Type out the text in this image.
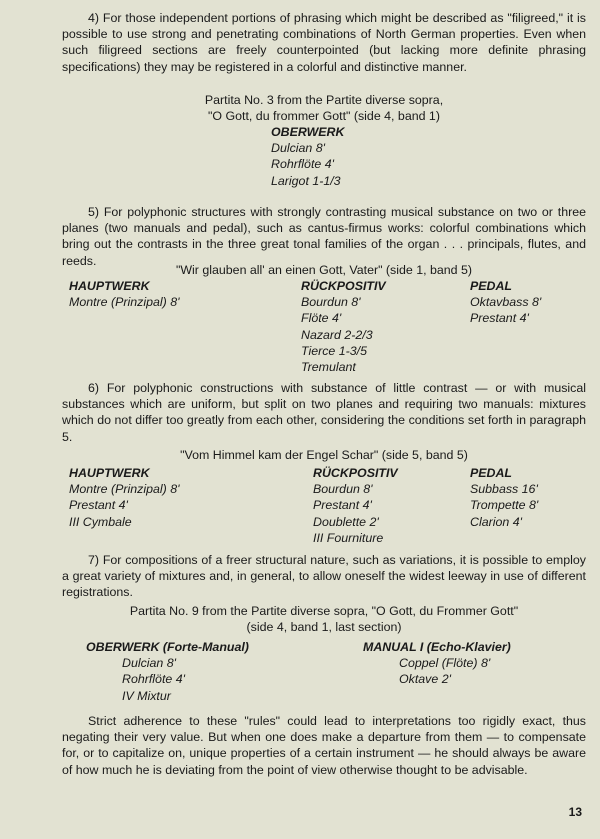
4) For those independent portions of phrasing which might be described as "filigreed," it is possible to use strong and penetrating combinations of North German properties. Even when such filigreed sections are freely counterpointed (but lacking more definite phrasing specifications) they may be registered in a colorful and distinctive manner.

Partita No. 3 from the Partite diverse sopra,
"O Gott, du frommer Gott" (side 4, band 1)
OBERWERK
Dulcian 8'
Rohrflöte 4'
Larigot 1-1/3

5) For polyphonic structures with strongly contrasting musical substance on two or three planes (two manuals and pedal), such as cantus-firmus works: colorful combinations which bring out the contrasts in the three great tonal families of the organ . . . principals, flutes, and reeds.

"Wir glauben all' an einen Gott, Vater" (side 1, band 5)
HAUPTWERK
Montre (Prinzipal) 8'
RÜCKPOSITIV
Bourdun 8'
Flöte 4'
Nazard 2-2/3
Tierce 1-3/5
Tremulant
PEDAL
Oktavbass 8'
Prestant 4'

6) For polyphonic constructions with substance of little contrast — or with musical substances which are uniform, but split on two planes and requiring two manuals: mixtures which do not differ too greatly from each other, considering the conditions set forth in paragraph 5.

"Vom Himmel kam der Engel Schar" (side 5, band 5)
HAUPTWERK
Montre (Prinzipal) 8'
Prestant 4'
III Cymbale
RÜCKPOSITIV
Bourdun 8'
Prestant 4'
Doublette 2'
III Fourniture
PEDAL
Subbass 16'
Trompette 8'
Clarion 4'

7) For compositions of a freer structural nature, such as variations, it is possible to employ a great variety of mixtures and, in general, to allow oneself the widest leeway in use of different registrations.

Partita No. 9 from the Partite diverse sopra, "O Gott, du Frommer Gott"
(side 4, band 1, last section)
OBERWERK (Forte-Manual)
Dulcian 8'
Rohrflöte 4'
IV Mixtur
MANUAL I (Echo-Klavier)
Coppel (Flöte) 8'
Oktave 2'

Strict adherence to these "rules" could lead to interpretations too rigidly exact, thus negating their very value. But when one does make a departure from them — to compensate for, or to capitalize on, unique properties of a certain instrument — he should always be aware of how much he is deviating from the point of view otherwise thought to be advisable.

13
